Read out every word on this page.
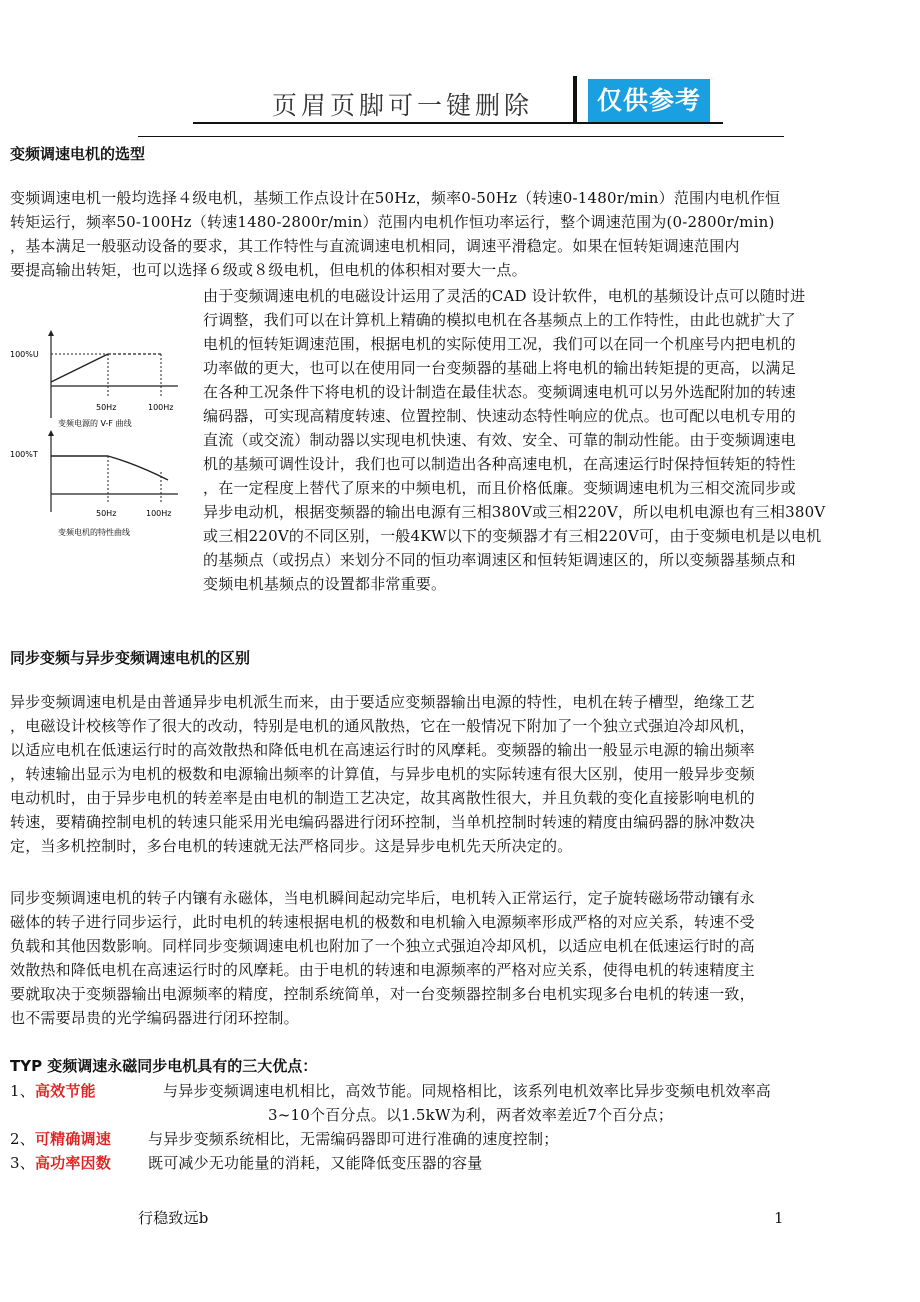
页眉页脚可一键删除	仅供参考
变频调速电机的选型
变频调速电机一般均选择４级电机，基频工作点设计在50Hz，频率0-50Hz（转速0-1480r/min）范围内电机作恒
转矩运行，频率50-100Hz（转速1480-2800r/min）范围内电机作恒功率运行，整个调速范围为(0-2800r/min)
，基本满足一般驱动设备的要求，其工作特性与直流调速电机相同，调速平滑稳定。如果在恒转矩调速范围内
要提高输出转矩，也可以选择６级或８级电机，但电机的体积相对要大一点。
由于变频调速电机的电磁设计运用了灵活的CAD 设计软件，电机的基频设计点可以随时进
行调整，我们可以在计算机上精确的模拟电机在各基频点上的工作特性，由此也就扩大了
电机的恒转矩调速范围，根据电机的实际使用工况，我们可以在同一个机座号内把电机的
功率做的更大，也可以在使用同一台变频器的基础上将电机的输出转矩提的更高，以满足
在各种工况条件下将电机的设计制造在最佳状态。变频调速电机可以另外选配附加的转速
编码器，可实现高精度转速、位置控制、快速动态特性响应的优点。也可配以电机专用的
直流（或交流）制动器以实现电机快速、有效、安全、可靠的制动性能。由于变频调速电
机的基频可调性设计，我们也可以制造出各种高速电机，在高速运行时保持恒转矩的特性
，在一定程度上替代了原来的中频电机，而且价格低廉。变频调速电机为三相交流同步或
异步电动机，根据变频器的输出电源有三相380V或三相220V，所以电机电源也有三相380V
或三相220V的不同区别，一般4KW以下的变频器才有三相220V可，由于变频电机是以电机
的基频点（或拐点）来划分不同的恒功率调速区和恒转矩调速区的，所以变频器基频点和
变频电机基频点的设置都非常重要。
100%U
50Hz	100Hz
变频电源的 V-F 曲线
100%T
50Hz	100Hz
变频电机的特性曲线
同步变频与异步变频调速电机的区别
异步变频调速电机是由普通异步电机派生而来，由于要适应变频器输出电源的特性，电机在转子槽型，绝缘工艺
，电磁设计校核等作了很大的改动，特别是电机的通风散热，它在一般情况下附加了一个独立式强迫冷却风机，
以适应电机在低速运行时的高效散热和降低电机在高速运行时的风摩耗。变频器的输出一般显示电源的输出频率
，转速输出显示为电机的极数和电源输出频率的计算值，与异步电机的实际转速有很大区别，使用一般异步变频
电动机时，由于异步电机的转差率是由电机的制造工艺决定，故其离散性很大，并且负载的变化直接影响电机的
转速，要精确控制电机的转速只能采用光电编码器进行闭环控制，当单机控制时转速的精度由编码器的脉冲数决
定，当多机控制时，多台电机的转速就无法严格同步。这是异步电机先天所决定的。
同步变频调速电机的转子内镶有永磁体，当电机瞬间起动完毕后，电机转入正常运行，定子旋转磁场带动镶有永
磁体的转子进行同步运行，此时电机的转速根据电机的极数和电机输入电源频率形成严格的对应关系，转速不受
负载和其他因数影响。同样同步变频调速电机也附加了一个独立式强迫冷却风机，以适应电机在低速运行时的高
效散热和降低电机在高速运行时的风摩耗。由于电机的转速和电源频率的严格对应关系，使得电机的转速精度主
要就取决于变频器输出电源频率的精度，控制系统简单，对一台变频器控制多台电机实现多台电机的转速一致，
也不需要昂贵的光学编码器进行闭环控制。
TYP 变频调速永磁同步电机具有的三大优点：
1、高效节能	与异步变频调速电机相比，高效节能。同规格相比，该系列电机效率比异步变频电机效率高
3~10个百分点。以1.5kW为利，两者效率差近7个百分点；
2、可精确调速 与异步变频系统相比，无需编码器即可进行准确的速度控制；
3、高功率因数 既可减少无功能量的消耗，又能降低变压器的容量
行稳致远b	1
